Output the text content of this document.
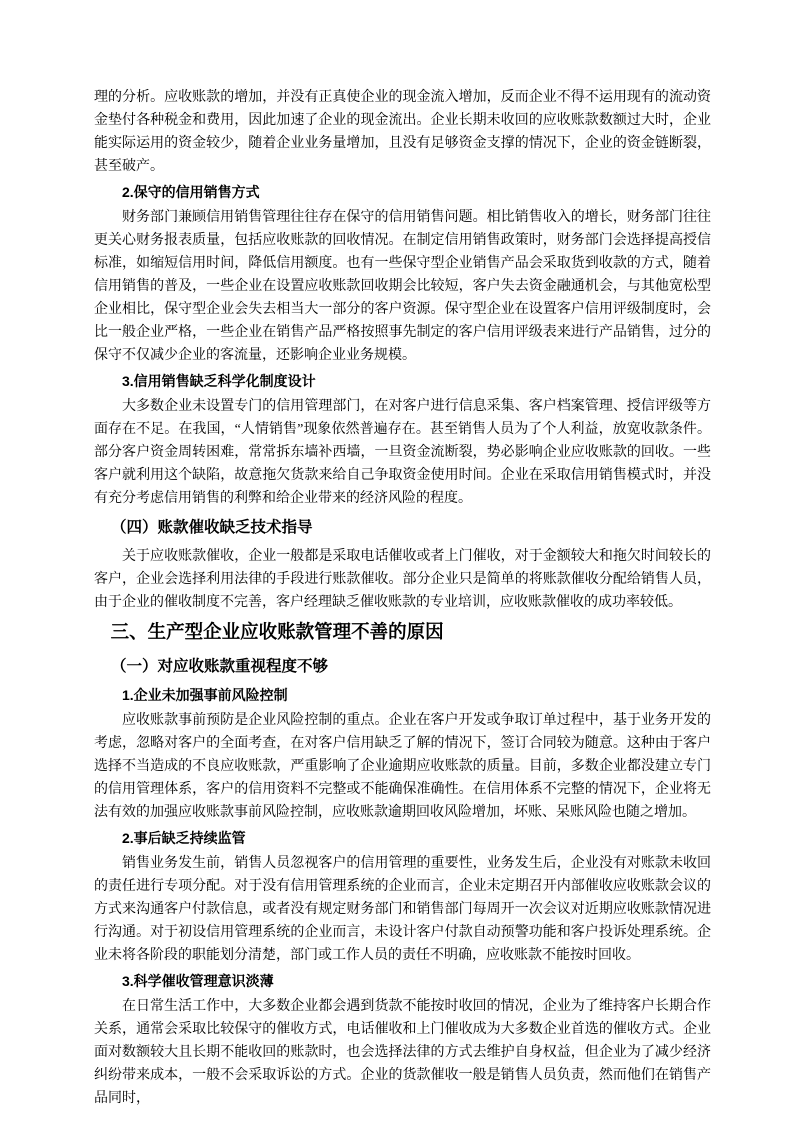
理的分析。应收账款的增加，并没有正真使企业的现金流入增加，反而企业不得不运用现有的流动资金垫付各种税金和费用，因此加速了企业的现金流出。企业长期未收回的应收账款数额过大时，企业能实际运用的资金较少，随着企业业务量增加，且没有足够资金支撑的情况下，企业的资金链断裂，甚至破产。

2.保守的信用销售方式

财务部门兼顾信用销售管理往往存在保守的信用销售问题。相比销售收入的增长，财务部门往往更关心财务报表质量，包括应收账款的回收情况。在制定信用销售政策时，财务部门会选择提高授信标准，如缩短信用时间，降低信用额度。也有一些保守型企业销售产品会采取货到收款的方式，随着信用销售的普及，一些企业在设置应收账款回收期会比较短，客户失去资金融通机会，与其他宽松型企业相比，保守型企业会失去相当大一部分的客户资源。保守型企业在设置客户信用评级制度时，会比一般企业严格，一些企业在销售产品严格按照事先制定的客户信用评级表来进行产品销售，过分的保守不仅减少企业的客流量，还影响企业业务规模。

3.信用销售缺乏科学化制度设计

大多数企业未设置专门的信用管理部门，在对客户进行信息采集、客户档案管理、授信评级等方面存在不足。在我国，“人情销售”现象依然普遍存在。甚至销售人员为了个人利益，放宽收款条件。部分客户资金周转困难，常常拆东墙补西墙，一旦资金流断裂，势必影响企业应收账款的回收。一些客户就利用这个缺陷，故意拖欠货款来给自己争取资金使用时间。企业在采取信用销售模式时，并没有充分考虑信用销售的利弊和给企业带来的经济风险的程度。

（四）账款催收缺乏技术指导

关于应收账款催收，企业一般都是采取电话催收或者上门催收，对于金额较大和拖欠时间较长的客户，企业会选择利用法律的手段进行账款催收。部分企业只是简单的将账款催收分配给销售人员，由于企业的催收制度不完善，客户经理缺乏催收账款的专业培训，应收账款催收的成功率较低。

三、生产型企业应收账款管理不善的原因
（一）对应收账款重视程度不够
1.企业未加强事前风险控制

应收账款事前预防是企业风险控制的重点。企业在客户开发或争取订单过程中，基于业务开发的考虑，忽略对客户的全面考查，在对客户信用缺乏了解的情况下，签订合同较为随意。这种由于客户选择不当造成的不良应收账款，严重影响了企业逾期应收账款的质量。目前，多数企业都没建立专门的信用管理体系，客户的信用资料不完整或不能确保准确性。在信用体系不完整的情况下，企业将无法有效的加强应收账款事前风险控制，应收账款逾期回收风险增加，坏账、呆账风险也随之增加。

2.事后缺乏持续监管

销售业务发生前，销售人员忽视客户的信用管理的重要性，业务发生后，企业没有对账款未收回的责任进行专项分配。对于没有信用管理系统的企业而言，企业未定期召开内部催收应收账款会议的方式来沟通客户付款信息，或者没有规定财务部门和销售部门每周开一次会议对近期应收账款情况进行沟通。对于初设信用管理系统的企业而言，未设计客户付款自动预警功能和客户投诉处理系统。企业未将各阶段的职能划分清楚，部门或工作人员的责任不明确，应收账款不能按时回收。

3.科学催收管理意识淡薄

在日常生活工作中，大多数企业都会遇到货款不能按时收回的情况，企业为了维持客户长期合作关系，通常会采取比较保守的催收方式，电话催收和上门催收成为大多数企业首选的催收方式。企业面对数额较大且长期不能收回的账款时，也会选择法律的方式去维护自身权益，但企业为了减少经济纠纷带来成本，一般不会采取诉讼的方式。企业的货款催收一般是销售人员负责，然而他们在销售产品同时，
